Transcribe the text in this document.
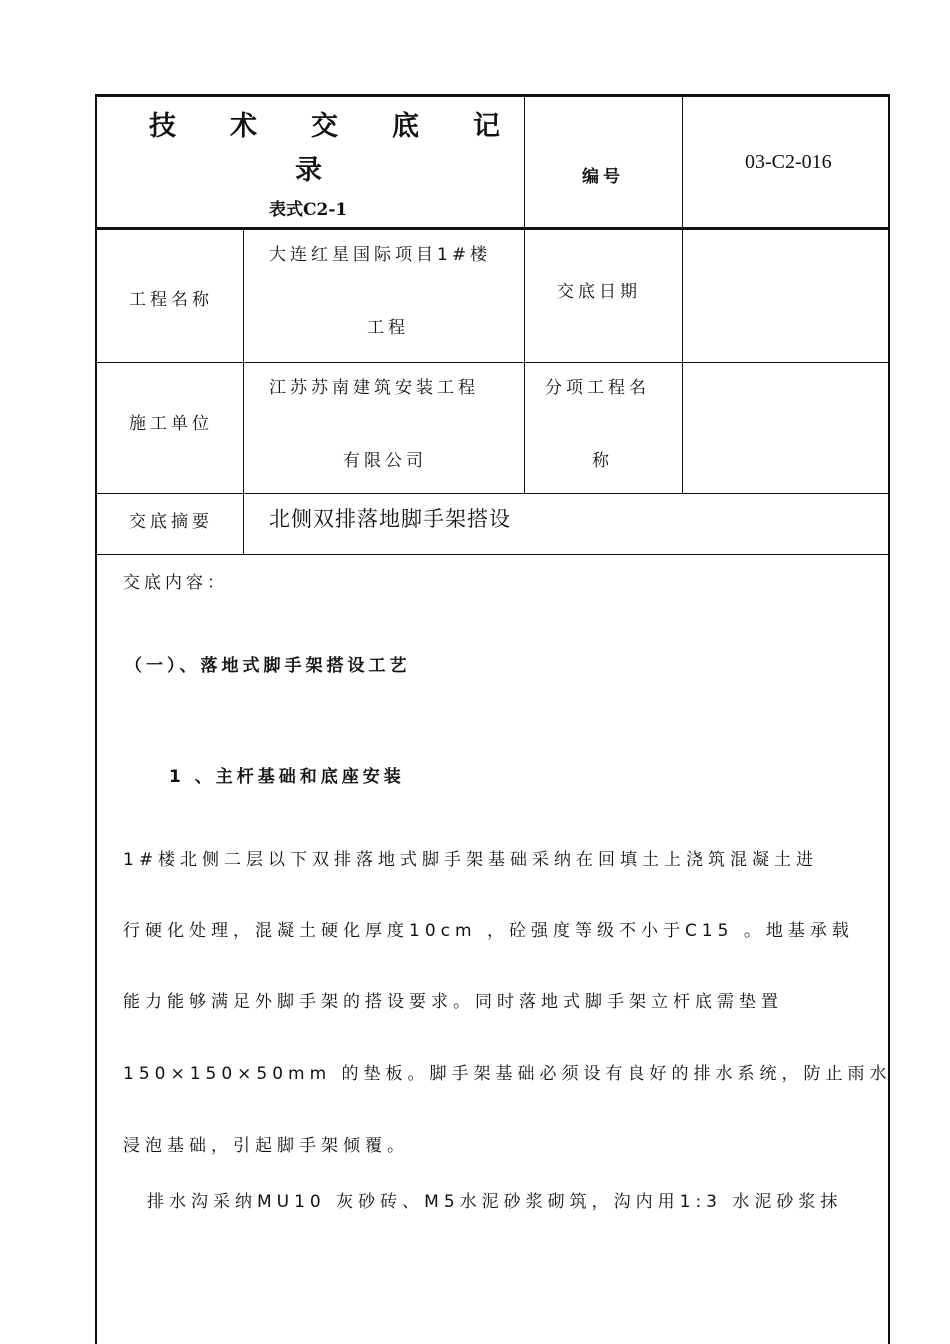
技　　术　　交　　底　　记
录
表式C2-1
编号
03-C2-016
工程名称
大连红星国际项目1#楼
工程
交底日期
施工单位
江苏苏南建筑安装工程
有限公司
分项工程名
称
交底摘要	北侧双排落地脚手架搭设
交底内容：
（一）、落地式脚手架搭设工艺
1 、主杆基础和底座安装
1#楼北侧二层以下双排落地式脚手架基础采纳在回填土上浇筑混凝土进
行硬化处理，混凝土硬化厚度10cm ，砼强度等级不小于C15 。地基承载
能力能够满足外脚手架的搭设要求。同时落地式脚手架立杆底需垫置
150×150×50mm 的垫板。脚手架基础必须设有良好的排水系统，防止雨水
浸泡基础，引起脚手架倾覆。
排水沟采纳MU10 灰砂砖、M5水泥砂浆砌筑，沟内用1:3 水泥砂浆抹
